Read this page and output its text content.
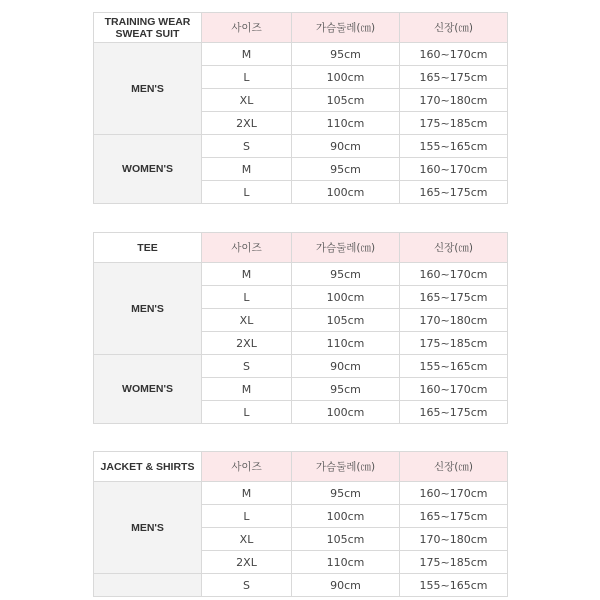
TRAINING WEAR
SWEAT SUIT	사이즈	가슴둘레(㎝)	신장(㎝)
MEN'S	M	95cm	160~170cm
	L	100cm	165~175cm
	XL	105cm	170~180cm
	2XL	110cm	175~185cm
WOMEN'S	S	90cm	155~165cm
	M	95cm	160~170cm
	L	100cm	165~175cm
TEE	사이즈	가슴둘레(㎝)	신장(㎝)
MEN'S	M	95cm	160~170cm
	L	100cm	165~175cm
	XL	105cm	170~180cm
	2XL	110cm	175~185cm
WOMEN'S	S	90cm	155~165cm
	M	95cm	160~170cm
	L	100cm	165~175cm
JACKET & SHIRTS	사이즈	가슴둘레(㎝)	신장(㎝)
MEN'S	M	95cm	160~170cm
	L	100cm	165~175cm
	XL	105cm	170~180cm
	2XL	110cm	175~185cm
	S	90cm	155~165cm
